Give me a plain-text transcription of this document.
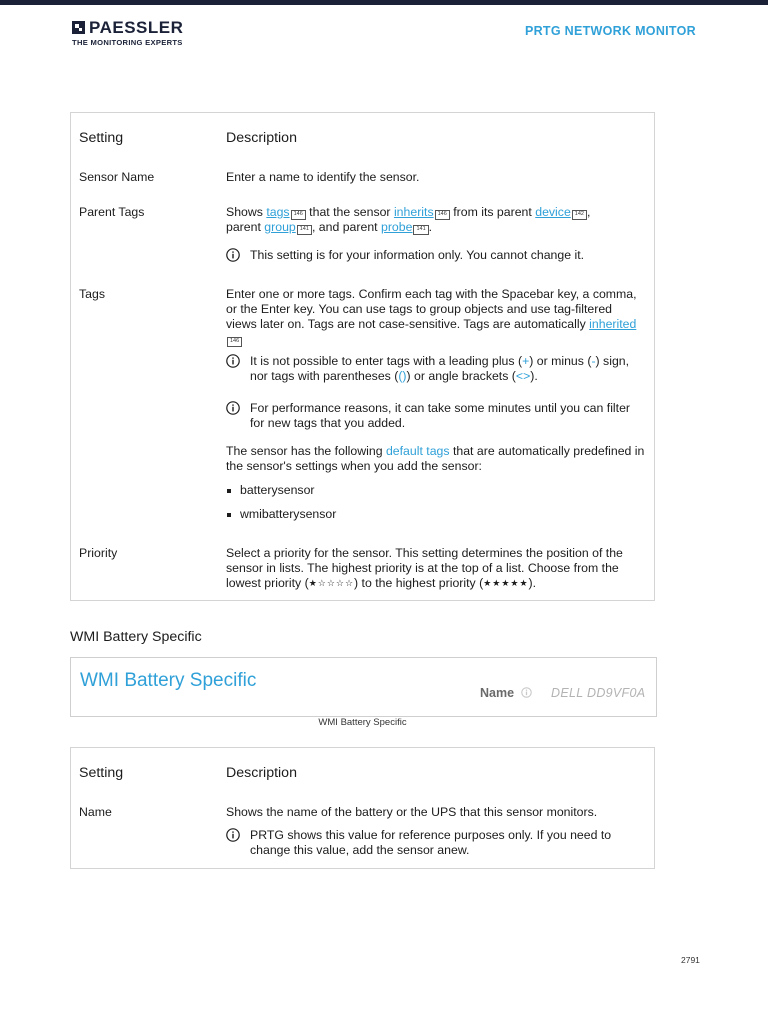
PAESSLER
THE MONITORING EXPERTS
PRTG NETWORK MONITOR
Setting	Description
Sensor Name	Enter a name to identify the sensor.
Parent Tags	Shows tags 146 that the sensor inherits 146 from its parent device 142 ,
parent group 141 , and parent probe 141 .
This setting is for your information only. You cannot change it.
Tags	Enter one or more tags. Confirm each tag with the Spacebar key, a comma, or the Enter key. You can use tags to group objects and use tag-filtered views later on. Tags are not case-sensitive. Tags are automatically inherited146
It is not possible to enter tags with a leading plus (+) or minus (-) sign, nor tags with parentheses (()) or angle brackets (<>).
For performance reasons, it can take some minutes until you can filter for new tags that you added.
The sensor has the following default tags that are automatically predefined in the sensor's settings when you add the sensor:
batterysensor
wmibatterysensor
Priority	Select a priority for the sensor. This setting determines the position of the sensor in lists. The highest priority is at the top of a list. Choose from the lowest priority (★☆☆☆☆) to the highest priority (★★★★★).
WMI Battery Specific
WMI Battery Specific
Name	DELL DD9VF0A
WMI Battery Specific
Setting	Description
Name	Shows the name of the battery or the UPS that this sensor monitors.
PRTG shows this value for reference purposes only. If you need to change this value, add the sensor anew.
2791
